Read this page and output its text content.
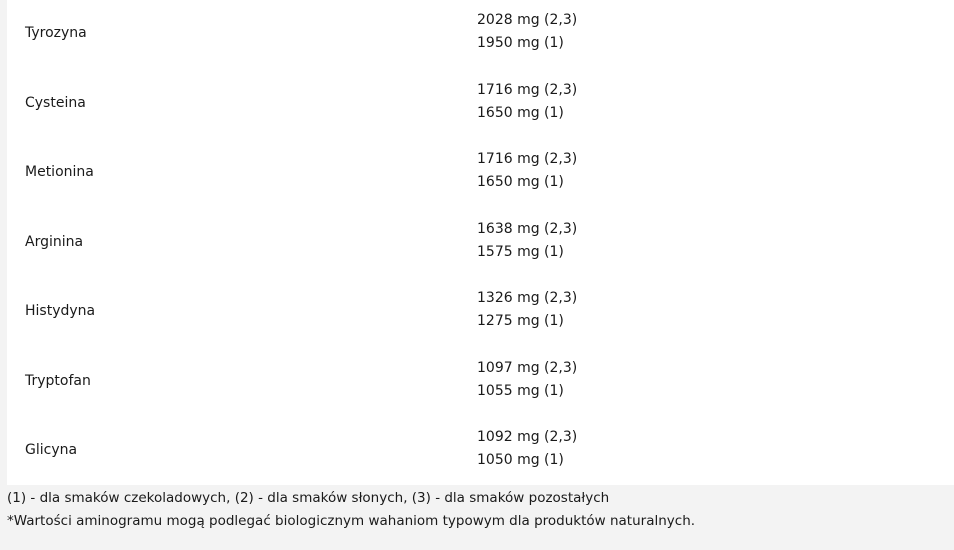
Tyrozyna
2028 mg (2,3)
1950 mg (1)
Cysteina
1716 mg (2,3)
1650 mg (1)
Metionina
1716 mg (2,3)
1650 mg (1)
Arginina
1638 mg (2,3)
1575 mg (1)
Histydyna
1326 mg (2,3)
1275 mg (1)
Tryptofan
1097 mg (2,3)
1055 mg (1)
Glicyna
1092 mg (2,3)
1050 mg (1)
(1) - dla smaków czekoladowych, (2) - dla smaków słonych, (3) - dla smaków pozostałych
*Wartości aminogramu mogą podlegać biologicznym wahaniom typowym dla produktów naturalnych.
